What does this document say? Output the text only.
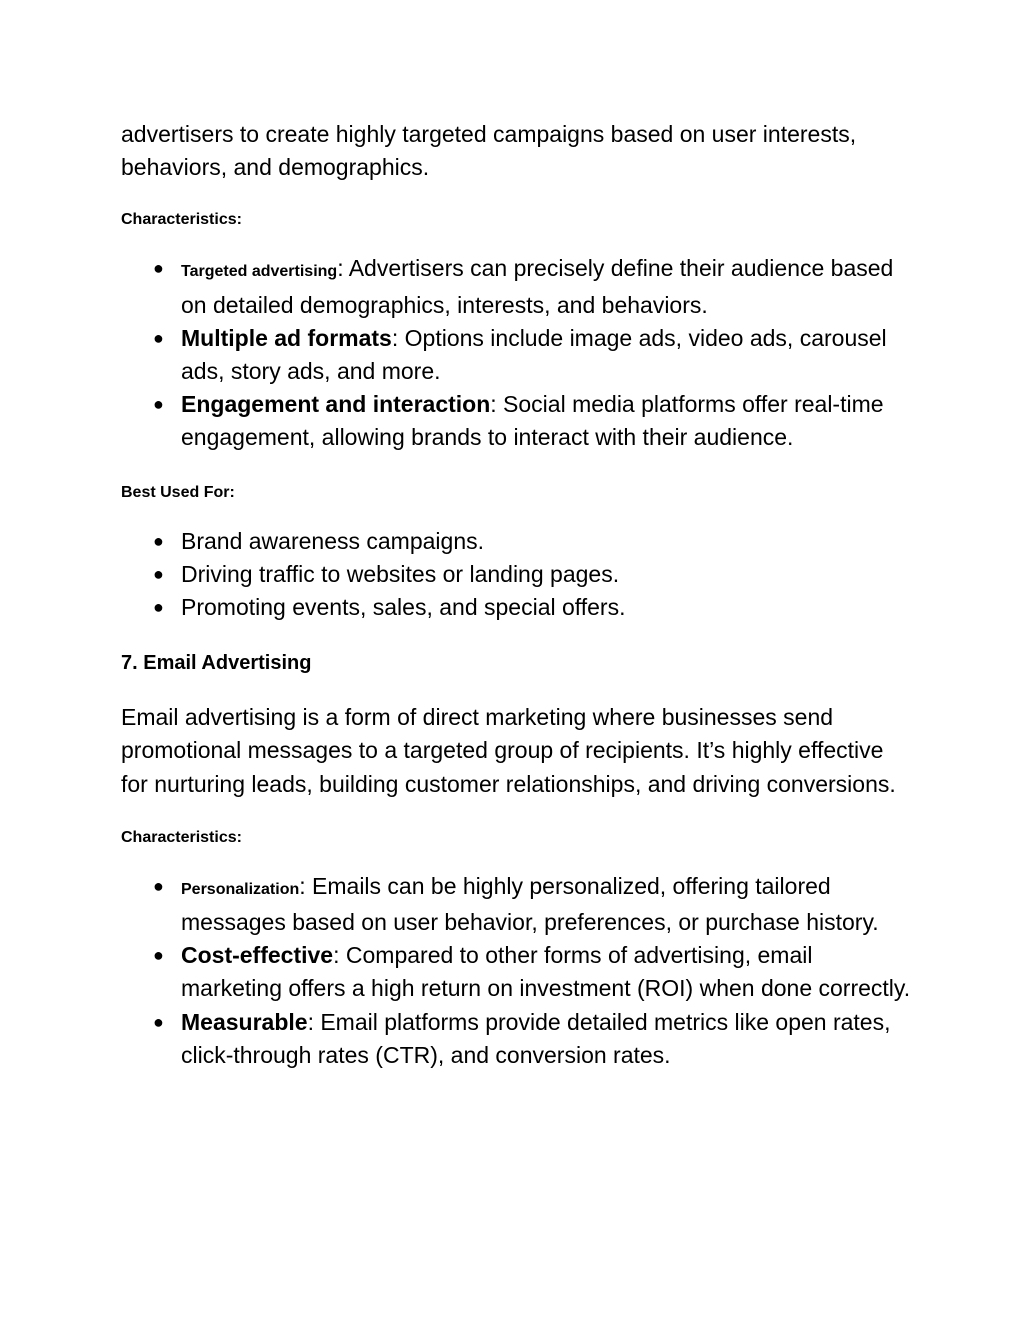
advertisers to create highly targeted campaigns based on user interests, behaviors, and demographics.

Characteristics:

● Targeted advertising: Advertisers can precisely define their audience based on detailed demographics, interests, and behaviors.
● Multiple ad formats: Options include image ads, video ads, carousel ads, story ads, and more.
● Engagement and interaction: Social media platforms offer real-time engagement, allowing brands to interact with their audience.

Best Used For:

● Brand awareness campaigns.
● Driving traffic to websites or landing pages.
● Promoting events, sales, and special offers.

7. Email Advertising

Email advertising is a form of direct marketing where businesses send promotional messages to a targeted group of recipients. It’s highly effective for nurturing leads, building customer relationships, and driving conversions.

Characteristics:

● Personalization: Emails can be highly personalized, offering tailored messages based on user behavior, preferences, or purchase history.
● Cost-effective: Compared to other forms of advertising, email marketing offers a high return on investment (ROI) when done correctly.
● Measurable: Email platforms provide detailed metrics like open rates, click-through rates (CTR), and conversion rates.
